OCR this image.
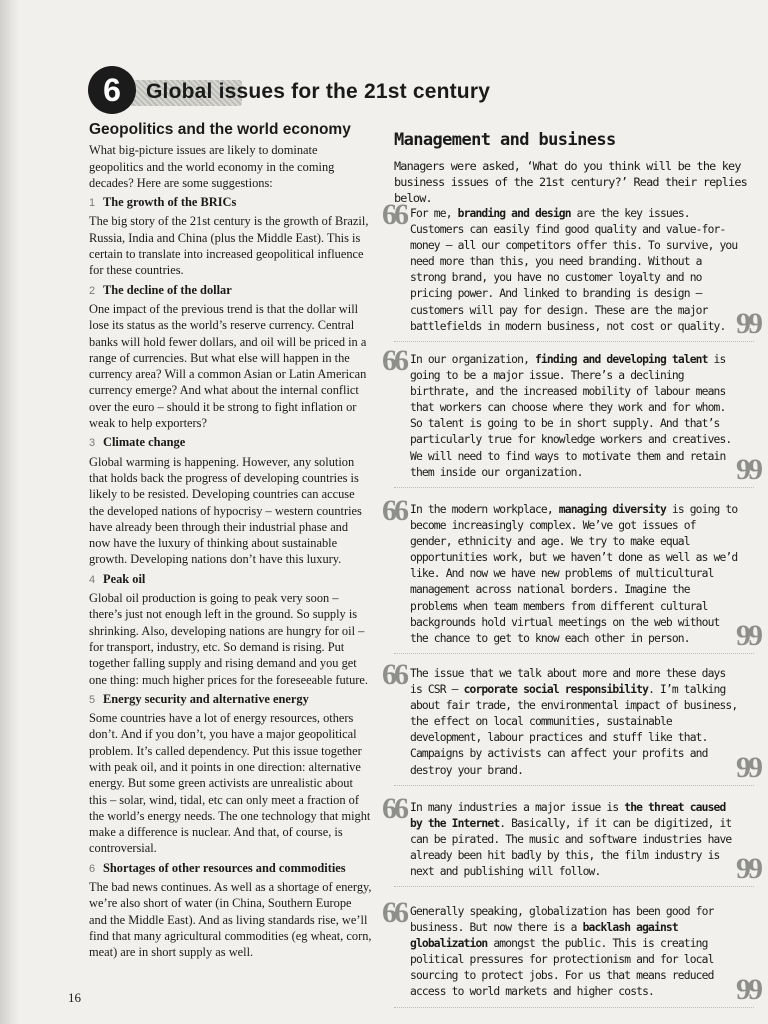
6	Global issues for the 21st century
Geopolitics and the world economy

What big-picture issues are likely to dominate geopolitics and the world economy in the coming decades? Here are some suggestions:

1 The growth of the BRICs
The big story of the 21st century is the growth of Brazil, Russia, India and China (plus the Middle East). This is certain to translate into increased geopolitical influence for these countries.
2 The decline of the dollar
One impact of the previous trend is that the dollar will lose its status as the world’s reserve currency. Central banks will hold fewer dollars, and oil will be priced in a range of currencies. But what else will happen in the currency area? Will a common Asian or Latin American currency emerge? And what about the internal conflict over the euro – should it be strong to fight inflation or weak to help exporters?
3 Climate change
Global warming is happening. However, any solution that holds back the progress of developing countries is likely to be resisted. Developing countries can accuse the developed nations of hypocrisy – western countries have already been through their industrial phase and now have the luxury of thinking about sustainable growth. Developing nations don’t have this luxury.
4 Peak oil
Global oil production is going to peak very soon – there’s just not enough left in the ground. So supply is shrinking. Also, developing nations are hungry for oil – for transport, industry, etc. So demand is rising. Put together falling supply and rising demand and you get one thing: much higher prices for the foreseeable future.
5 Energy security and alternative energy
Some countries have a lot of energy resources, others don’t. And if you don’t, you have a major geopolitical problem. It’s called dependency. Put this issue together with peak oil, and it points in one direction: alternative energy. But some green activists are unrealistic about this – solar, wind, tidal, etc can only meet a fraction of the world’s energy needs. The one technology that might make a difference is nuclear. And that, of course, is controversial.
6 Shortages of other resources and commodities
The bad news continues. As well as a shortage of energy, we’re also short of water (in China, Southern Europe and the Middle East). And as living standards rise, we’ll find that many agricultural commodities (eg wheat, corn, meat) are in short supply as well.
Management and business

Managers were asked, ‘What do you think will be the key business issues of the 21st century?’ Read their replies below.

66 For me, branding and design are the key issues. Customers can easily find good quality and value-for-money – all our competitors offer this. To survive, you need more than this, you need branding. Without a strong brand, you have no customer loyalty and no pricing power. And linked to branding is design – customers will pay for design. These are the major battlefields in modern business, not cost or quality. 99
66 In our organization, finding and developing talent is going to be a major issue. There’s a declining birthrate, and the increased mobility of labour means that workers can choose where they work and for whom. So talent is going to be in short supply. And that’s particularly true for knowledge workers and creatives. We will need to find ways to motivate them and retain them inside our organization.	99
66 In the modern workplace, managing diversity is going to become increasingly complex. We’ve got issues of gender, ethnicity and age. We try to make equal opportunities work, but we haven’t done as well as we’d like. And now we have new problems of multicultural management across national borders. Imagine the problems when team members from different cultural backgrounds hold virtual meetings on the web without the chance to get to know each other in person.	99
66 The issue that we talk about more and more these days is CSR – corporate social responsibility. I’m talking about fair trade, the environmental impact of business, the effect on local communities, sustainable development, labour practices and stuff like that. Campaigns by activists can affect your profits and destroy your brand.	99
66 In many industries a major issue is the threat caused by the Internet. Basically, if it can be digitized, it can be pirated. The music and software industries have already been hit badly by this, the film industry is next and publishing will follow.	99
66 Generally speaking, globalization has been good for business. But now there is a backlash against globalization amongst the public. This is creating political pressures for protectionism and for local sourcing to protect jobs. For us that means reduced access to world markets and higher costs.	99
16
